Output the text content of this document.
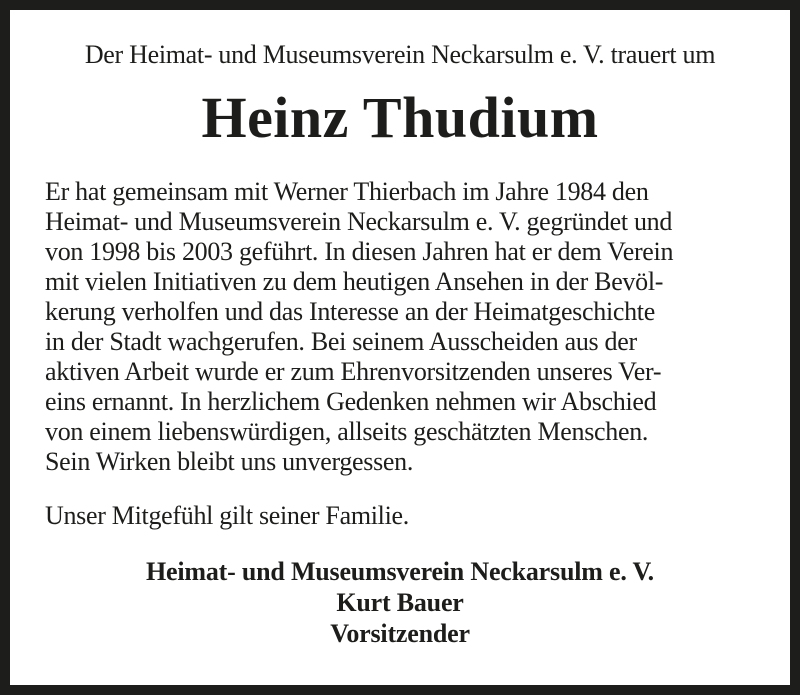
Der Heimat- und Museumsverein Neckarsulm e. V. trauert um
Heinz Thudium
Er hat gemeinsam mit Werner Thierbach im Jahre 1984 den
Heimat- und Museumsverein Neckarsulm e. V. gegründet und
von 1998 bis 2003 geführt. In diesen Jahren hat er dem Verein
mit vielen Initiativen zu dem heutigen Ansehen in der Bevöl-
kerung verholfen und das Interesse an der Heimatgeschichte
in der Stadt wachgerufen. Bei seinem Ausscheiden aus der
aktiven Arbeit wurde er zum Ehrenvorsitzenden unseres Ver-
eins ernannt. In herzlichem Gedenken nehmen wir Abschied
von einem liebenswürdigen, allseits geschätzten Menschen.
Sein Wirken bleibt uns unvergessen.
Unser Mitgefühl gilt seiner Familie.
Heimat- und Museumsverein Neckarsulm e. V.
Kurt Bauer
Vorsitzender
